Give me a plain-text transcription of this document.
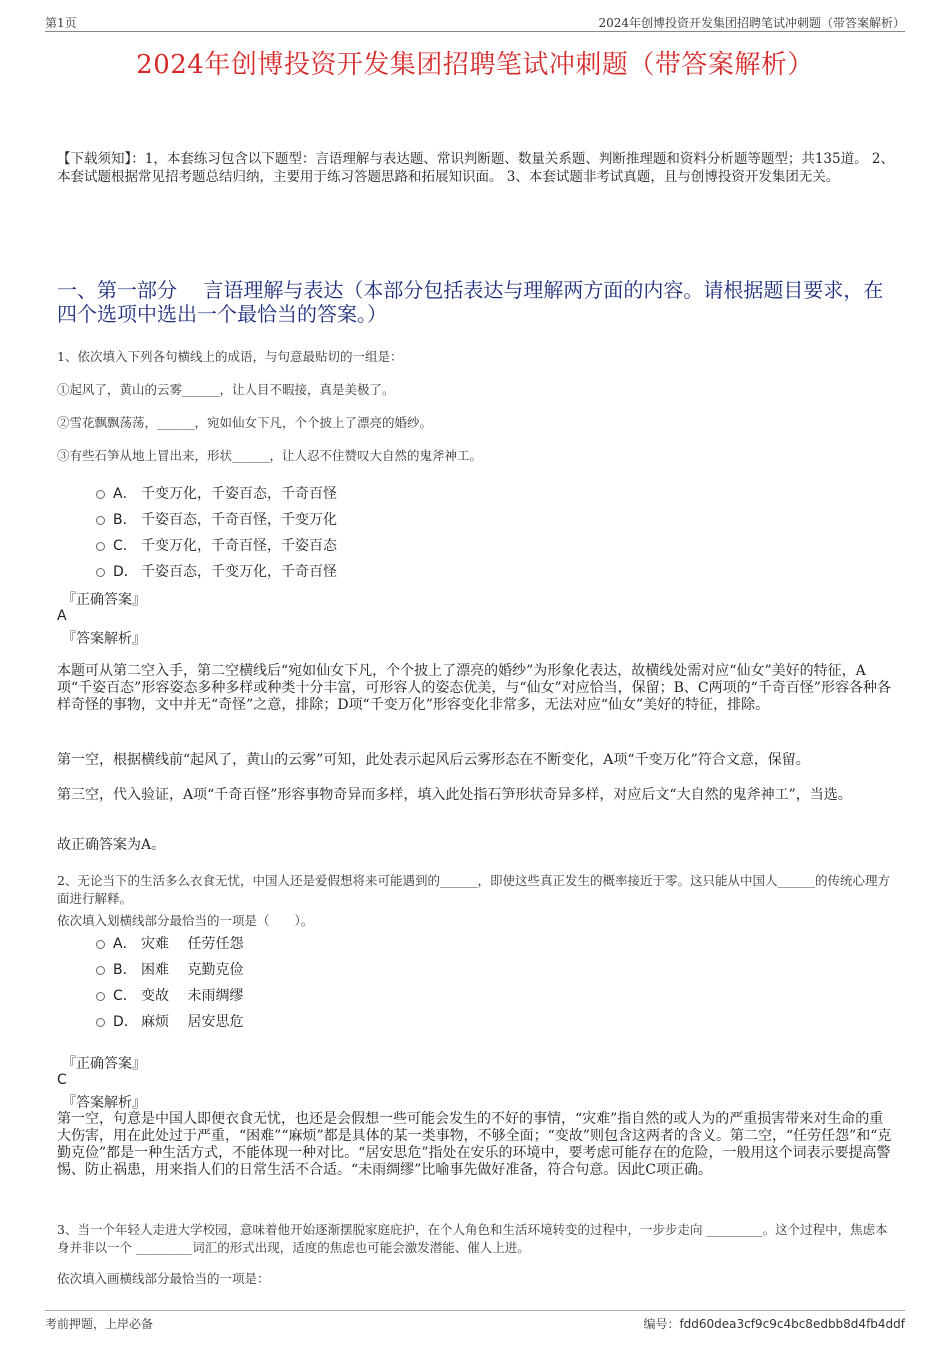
第1页	2024年创博投资开发集团招聘笔试冲刺题（带答案解析）
2024年创博投资开发集团招聘笔试冲刺题（带答案解析）
【下载须知】：1，本套练习包含以下题型：言语理解与表达题、常识判断题、数量关系题、判断推理题和资料分析题等题型；共135道。 2、本套试题根据常见招考题总结归纳，主要用于练习答题思路和拓展知识面。 3、本套试题非考试真题，且与创博投资开发集团无关。
一、第一部分　 言语理解与表达（本部分包括表达与理解两方面的内容。请根据题目要求，在四个选项中选出一个最恰当的答案。）
1、依次填入下列各句横线上的成语，与句意最贴切的一组是：
①起风了，黄山的云雾______，让人目不暇接，真是美极了。
②雪花飘飘荡荡，______，宛如仙女下凡，个个披上了漂亮的婚纱。
③有些石笋从地上冒出来，形状______，让人忍不住赞叹大自然的鬼斧神工。
A． 千变万化，千姿百态，千奇百怪
B． 千姿百态，千奇百怪，千变万化
C． 千变万化，千奇百怪，千姿百态
D． 千姿百态，千变万化，千奇百怪
『正确答案』
A
『答案解析』
本题可从第二空入手，第二空横线后“宛如仙女下凡，个个披上了漂亮的婚纱”为形象化表达，故横线处需对应“仙女”美好的特征，A项“千姿百态”形容姿态多种多样或种类十分丰富，可形容人的姿态优美，与“仙女”对应恰当，保留；B、C两项的“千奇百怪”形容各种各样奇怪的事物，文中并无“奇怪”之意，排除；D项“千变万化”形容变化非常多，无法对应“仙女”美好的特征，排除。
第一空，根据横线前“起风了，黄山的云雾”可知，此处表示起风后云雾形态在不断变化，A项“千变万化”符合文意，保留。
第三空，代入验证，A项“千奇百怪”形容事物奇异而多样，填入此处指石笋形状奇异多样，对应后文“大自然的鬼斧神工”，当选。
故正确答案为A。
2、无论当下的生活多么衣食无忧，中国人还是爱假想将来可能遇到的______，即使这些真正发生的概率接近于零。这只能从中国人______的传统心理方面进行解释。
依次填入划横线部分最恰当的一项是（　　）。
A． 灾难　 任劳任怨
B． 困难　 克勤克俭
C． 变故　 未雨绸缪
D． 麻烦　 居安思危
『正确答案』
C
『答案解析』
第一空，句意是中国人即便衣食无忧，也还是会假想一些可能会发生的不好的事情，“灾难”指自然的或人为的严重损害带来对生命的重大伤害，用在此处过于严重，“困难”“麻烦”都是具体的某一类事物，不够全面；“变故”则包含这两者的含义。第二空，“任劳任怨”和“克勤克俭”都是一种生活方式，不能体现一种对比。“居安思危”指处在安乐的环境中，要考虑可能存在的危险，一般用这个词表示要提高警惕、防止祸患，用来指人们的日常生活不合适。“未雨绸缪”比喻事先做好准备，符合句意。因此C项正确。
3、当一个年轻人走进大学校园，意味着他开始逐渐摆脱家庭庇护，在个人角色和生活环境转变的过程中，一步步走向 _________。这个过程中，焦虑本身并非以一个 _________词汇的形式出现，适度的焦虑也可能会激发潜能、催人上进。
依次填入画横线部分最恰当的一项是：
考前押题，上岸必备	编号：fdd60dea3cf9c9c4bc8edbb8d4fb4ddf
